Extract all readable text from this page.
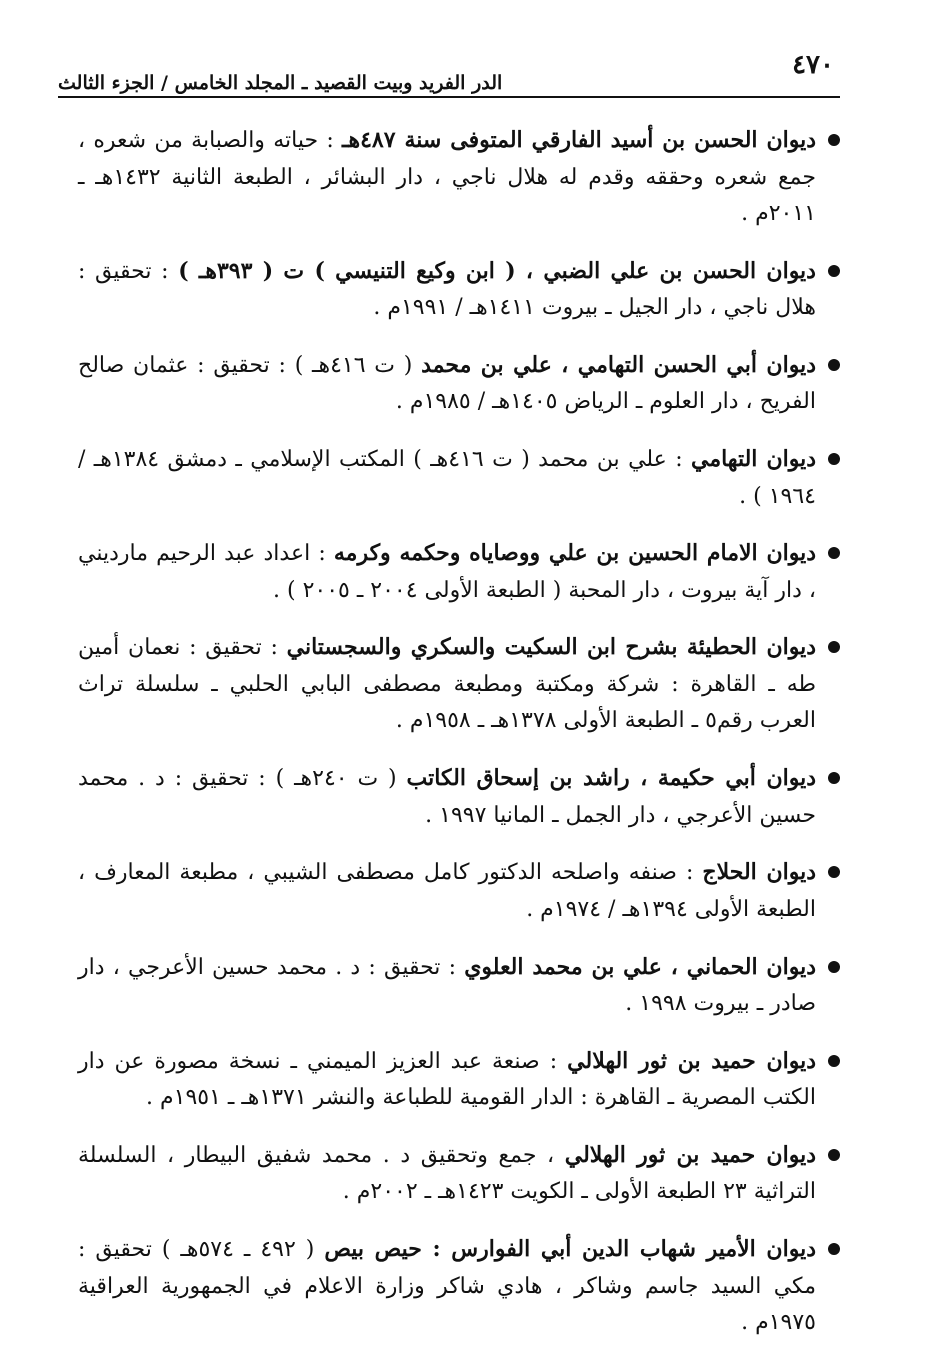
٤٧٠
الدر الفريد وبيت القصيد ـ المجلد الخامس / الجزء الثالث
ديوان الحسن بن أسيد الفارقي المتوفى سنة ٤٨٧هـ : حياته والصبابة من شعره ، جمع شعره وحققه وقدم له هلال ناجي ، دار البشائر ، الطبعة الثانية ١٤٣٢هـ ـ ٢٠١١م .
ديوان الحسن بن علي الضبي ، ( ابن وكيع التنيسي ) ت ( ٣٩٣هـ ) : تحقيق : هلال ناجي ، دار الجيل ـ بيروت ١٤١١هـ / ١٩٩١م .
ديوان أبي الحسن التهامي ، علي بن محمد ( ت ٤١٦هـ ) : تحقيق : عثمان صالح الفريح ، دار العلوم ـ الرياض ١٤٠٥هـ / ١٩٨٥م .
ديوان التهامي : علي بن محمد ( ت ٤١٦هـ ) المكتب الإسلامي ـ دمشق ١٣٨٤هـ / ١٩٦٤ ) .
ديوان الامام الحسين بن علي ووصاياه وحكمه وكرمه : اعداد عبد الرحيم مارديني ، دار آية بيروت ، دار المحبة ( الطبعة الأولى ٢٠٠٤ ـ ٢٠٠٥ ) .
ديوان الحطيئة بشرح ابن السكيت والسكري والسجستاني : تحقيق : نعمان أمين طه ـ القاهرة : شركة ومكتبة ومطبعة مصطفى البابي الحلبي ـ سلسلة تراث العرب رقم٥ ـ الطبعة الأولى ١٣٧٨هـ ـ ١٩٥٨م .
ديوان أبي حكيمة ، راشد بن إسحاق الكاتب ( ت ٢٤٠هـ ) : تحقيق : د . محمد حسين الأعرجي ، دار الجمل ـ المانيا ١٩٩٧ .
ديوان الحلاج : صنفه واصلحه الدكتور كامل مصطفى الشيبي ، مطبعة المعارف ، الطبعة الأولى ١٣٩٤هـ / ١٩٧٤م .
ديوان الحماني ، علي بن محمد العلوي : تحقيق : د . محمد حسين الأعرجي ، دار صادر ـ بيروت ١٩٩٨ .
ديوان حميد بن ثور الهلالي : صنعة عبد العزيز الميمني ـ نسخة مصورة عن دار الكتب المصرية ـ القاهرة : الدار القومية للطباعة والنشر ١٣٧١هـ ـ ١٩٥١م .
ديوان حميد بن ثور الهلالي ، جمع وتحقيق د . محمد شفيق البيطار ، السلسلة التراثية ٢٣ الطبعة الأولى ـ الكويت ١٤٢٣هـ ـ ٢٠٠٢م .
ديوان الأمير شهاب الدين أبي الفوارس : حيص بيص ( ٤٩٢ ـ ٥٧٤هـ ) تحقيق : مكي السيد جاسم وشاكر ، هادي شاكر وزارة الاعلام في الجمهورية العراقية ١٩٧٥م .
